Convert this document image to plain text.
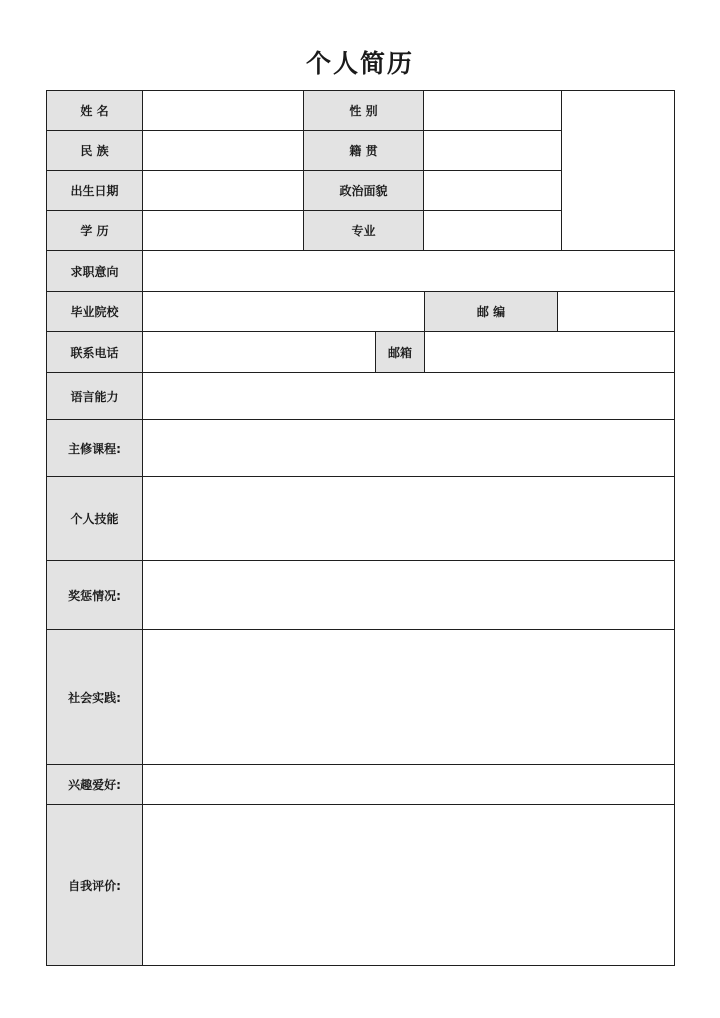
个人简历
姓 名	性 别
民 族	籍 贯
出生日期	政治面貌
学 历	专业
求职意向
毕业院校	邮 编
联系电话	邮箱
语言能力
主修课程:
个人技能
奖惩情况:
社会实践:
兴趣爱好:
自我评价:
